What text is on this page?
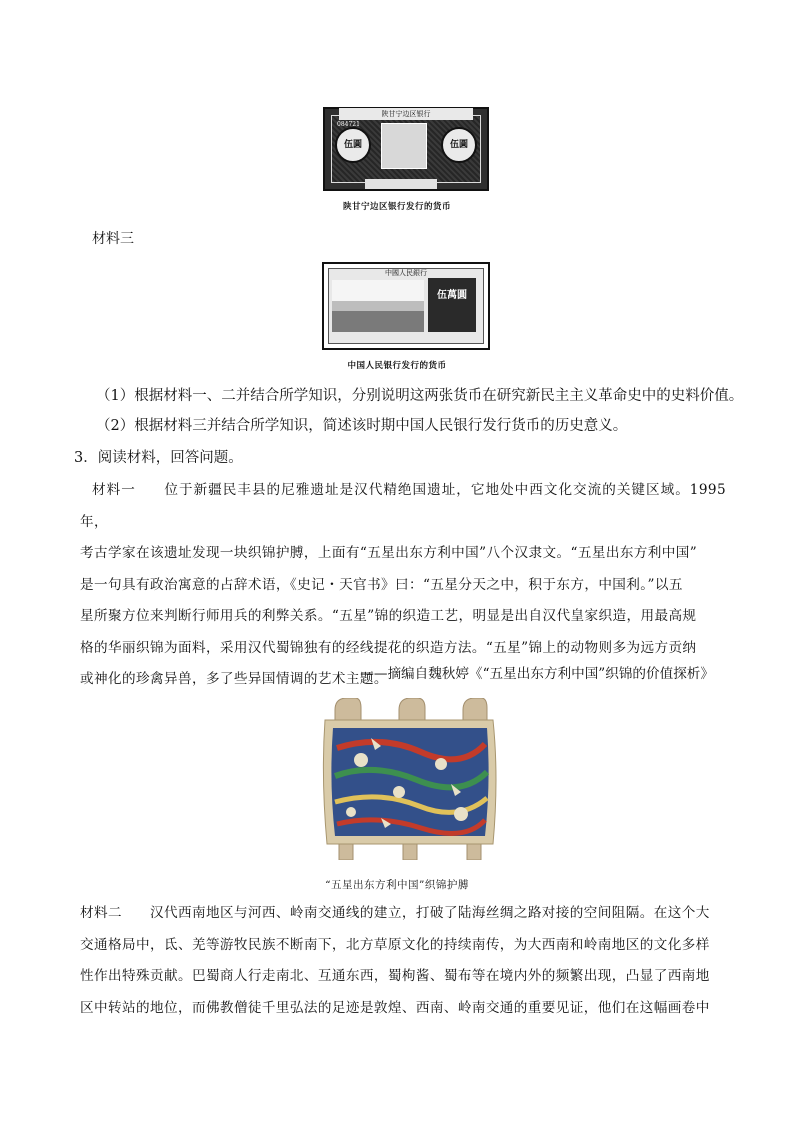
陕甘宁边区银行
伍圓	伍圓
084721
陕甘宁边区银行发行的货币
材料三
中國人民銀行
伍萬圓
中国人民银行发行的货币
（1）根据材料一、二并结合所学知识，分别说明这两张货币在研究新民主主义革命史中的史料价值。
（2）根据材料三并结合所学知识，简述该时期中国人民银行发行货币的历史意义。
3．阅读材料，回答问题。
材料一 位于新疆民丰县的尼雅遗址是汉代精绝国遗址，它地处中西文化交流的关键区域。1995 年，
考古学家在该遗址发现一块织锦护膊，上面有“五星出东方利中国”八个汉隶文。“五星出东方利中国”
是一句具有政治寓意的占辞术语，《史记・天官书》曰：“五星分天之中，积于东方，中国利。”以五
星所聚方位来判断行师用兵的利弊关系。“五星”锦的织造工艺，明显是出自汉代皇家织造，用最高规
格的华丽织锦为面料，采用汉代蜀锦独有的经线提花的织造方法。“五星”锦上的动物则多为远方贡纳
或神化的珍禽异兽，多了些异国情调的艺术主题。
——摘编自魏秋婷《“五星出东方利中国”织锦的价值探析》
“五星出东方利中国”织锦护膊
材料二 汉代西南地区与河西、岭南交通线的建立，打破了陆海丝绸之路对接的空间阻隔。在这个大
交通格局中，氐、羌等游牧民族不断南下，北方草原文化的持续南传，为大西南和岭南地区的文化多样
性作出特殊贡献。巴蜀商人行走南北、互通东西，蜀枸酱、蜀布等在境内外的频繁出现，凸显了西南地
区中转站的地位，而佛教僧徒千里弘法的足迹是敦煌、西南、岭南交通的重要见证，他们在这幅画卷中
